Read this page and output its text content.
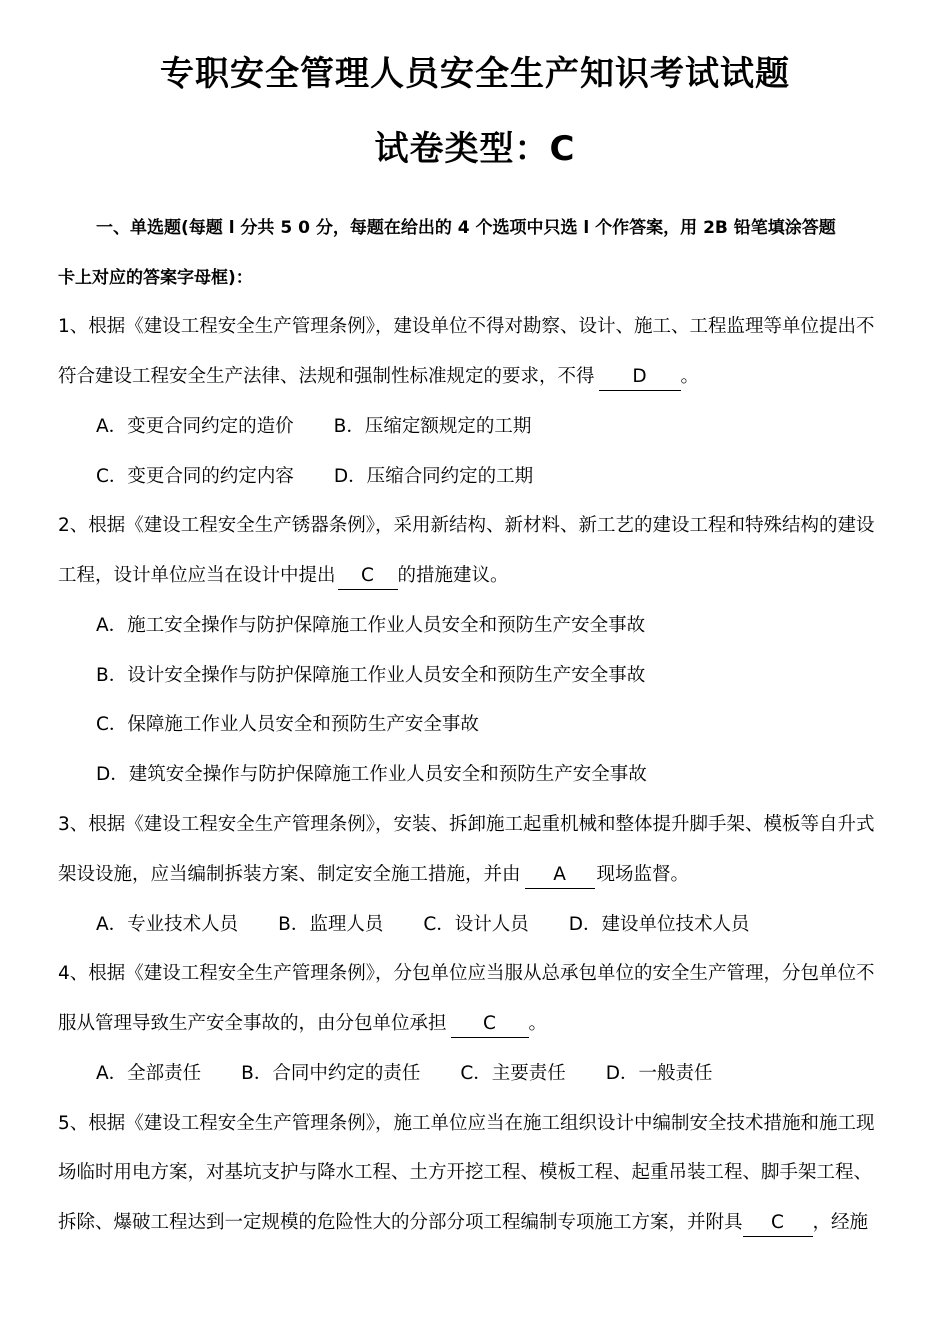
专职安全管理人员安全生产知识考试试题
试卷类型：C
一、单选题(每题 l 分共 5 0 分，每题在给出的 4 个选项中只选 l 个作答案，用 2B 铅笔填涂答题
卡上对应的答案字母框)：
1、根据《建设工程安全生产管理条例》，建设单位不得对勘察、设计、施工、工程监理等单位提出不
符合建设工程安全生产法律、法规和强制性标准规定的要求，不得 D 。
A．变更合同约定的造价 B．压缩定额规定的工期
C．变更合同的约定内容 D．压缩合同约定的工期
2、根据《建设工程安全生产锈器条例》，采用新结构、新材料、新工艺的建设工程和特殊结构的建设
工程，设计单位应当在设计中提出 C 的措施建议。
A．施工安全操作与防护保障施工作业人员安全和预防生产安全事故
B．设计安全操作与防护保障施工作业人员安全和预防生产安全事故
C．保障施工作业人员安全和预防生产安全事故
D．建筑安全操作与防护保障施工作业人员安全和预防生产安全事故
3、根据《建设工程安全生产管理条例》，安装、拆卸施工起重机械和整体提升脚手架、模板等自升式
架设设施，应当编制拆装方案、制定安全施工措施，并由 A 现场监督。
A．专业技术人员 B．监理人员 C．设计人员 D．建设单位技术人员
4、根据《建设工程安全生产管理条例》，分包单位应当服从总承包单位的安全生产管理，分包单位不
服从管理导致生产安全事故的，由分包单位承担 C 。
A．全部责任 B．合同中约定的责任 C．主要责任 D．一般责任
5、根据《建设工程安全生产管理条例》，施工单位应当在施工组织设计中编制安全技术措施和施工现
场临时用电方案，对基坑支护与降水工程、土方开挖工程、模板工程、起重吊装工程、脚手架工程、
拆除、爆破工程达到一定规模的危险性大的分部分项工程编制专项施工方案，并附具 C ，经施
